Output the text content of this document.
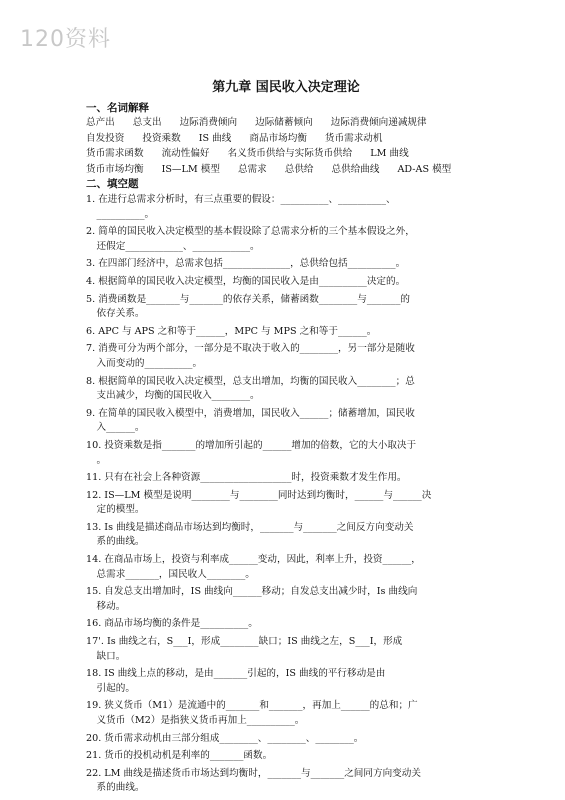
120资料
第九章 国民收入决定理论
一、名词解释
总产出 总支出 边际消费倾向 边际储蓄倾向 边际消费倾向递减规律
自发投资 投资乘数 IS 曲线 商品市场均衡 货币需求动机
货币需求函数 流动性偏好 名义货币供给与实际货币供给 LM 曲线
货币市场均衡 IS—LM 模型 总需求 总供给 总供给曲线 AD-AS 模型
二、填空题
1. 在进行总需求分析时，有三点重要的假设：__________、__________、
__________。
2. 简单的国民收入决定模型的基本假设除了总需求分析的三个基本假设之外，
还假定____________、____________。
3. 在四部门经济中，总需求包括______________，总供给包括__________。
4. 根据简单的国民收入决定模型，均衡的国民收入是由__________决定的。
5. 消费函数是_______与_______的依存关系，储蓄函数________与_______的
依存关系。
6. APC 与 APS 之和等于______，MPC 与 MPS 之和等于______。
7. 消费可分为两个部分，一部分是不取决于收入的________，另一部分是随收
入而变动的__________。
8. 根据简单的国民收入决定模型，总支出增加，均衡的国民收入________；总
支出减少，均衡的国民收入________。
9. 在简单的国民收入模型中，消费增加，国民收入______；储蓄增加，国民收
入______。
10. 投资乘数是指_______的增加所引起的______增加的倍数，它的大小取决于
。
11. 只有在社会上各种资源___________________时，投资乘数才发生作用。
12. IS—LM 模型是说明________与________同时达到均衡时，______与______决
定的模型。
13. Is 曲线是描述商品市场达到均衡时，_______与_______之间反方向变动关
系的曲线。
14. 在商品市场上，投资与利率成______变动，因此，利率上升，投资______，
总需求_______，国民收人________。
15. 自发总支出增加时，IS 曲线向______移动；自发总支出减少时，Is 曲线向
移动。
16. 商品市场均衡的条件是__________。
17'. Is 曲线之右，S___I，形成________缺口；IS 曲线之左，S___I，形成
缺口。
18. IS 曲线上点的移动，是由_______引起的，IS 曲线的平行移动是由
引起的。
19. 狭义货币（M1）是流通中的_______和_______，再加上______的总和；广
义货币（M2）是指狭义货币再加上__________。
20. 货币需求动机由三部分组成________、________、________。
21. 货币的投机动机是利率的_______函数。
22. LM 曲线是描述货币市场达到均衡时，_______与_______之间同方向变动关
系的曲线。
